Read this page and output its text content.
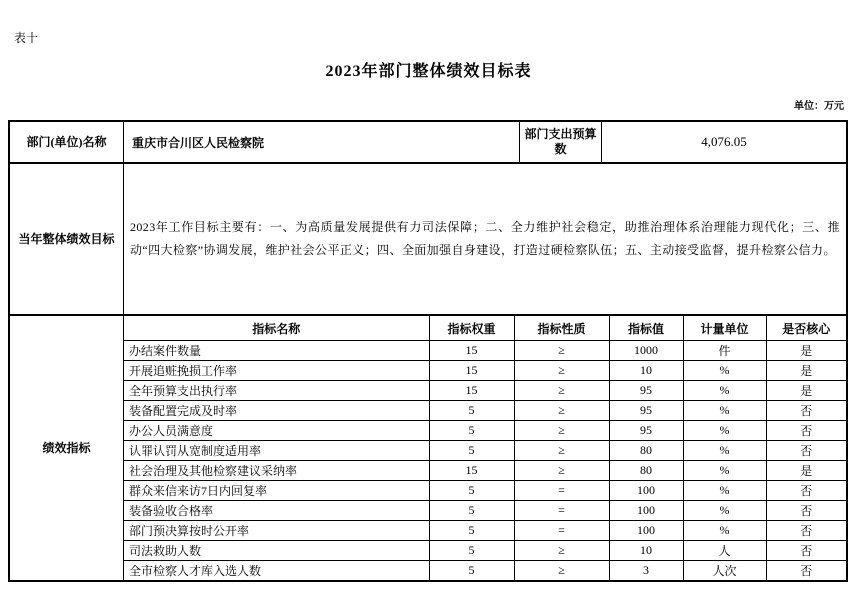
表十
2023年部门整体绩效目标表
单位：万元
部门(单位)名称	重庆市合川区人民检察院
部门支出预算数	4,076.05
当年整体绩效目标
2023年工作目标主要有：一、为高质量发展提供有力司法保障；二、全力维护社会稳定，助推治理体系治理能力现代化；三、推动“四大检察”协调发展，维护社会公平正义；四、全面加强自身建设，打造过硬检察队伍；五、主动接受监督，提升检察公信力。
绩效指标
指标名称	指标权重	指标性质	指标值	计量单位	是否核心
办结案件数量	15	≥	1000	件	是
开展追赃挽损工作率	15	≥	10	%	是
全年预算支出执行率	15	≥	95	%	是
装备配置完成及时率	5	≥	95	%	否
办公人员满意度	5	≥	95	%	否
认罪认罚从宽制度适用率	5	≥	80	%	否
社会治理及其他检察建议采纳率	15	≥	80	%	是
群众来信来访7日内回复率	5	=	100	%	否
装备验收合格率	5	=	100	%	否
部门预决算按时公开率	5	=	100	%	否
司法救助人数	5	≥	10	人	否
全市检察人才库入选人数	5	≥	3	人次	否
